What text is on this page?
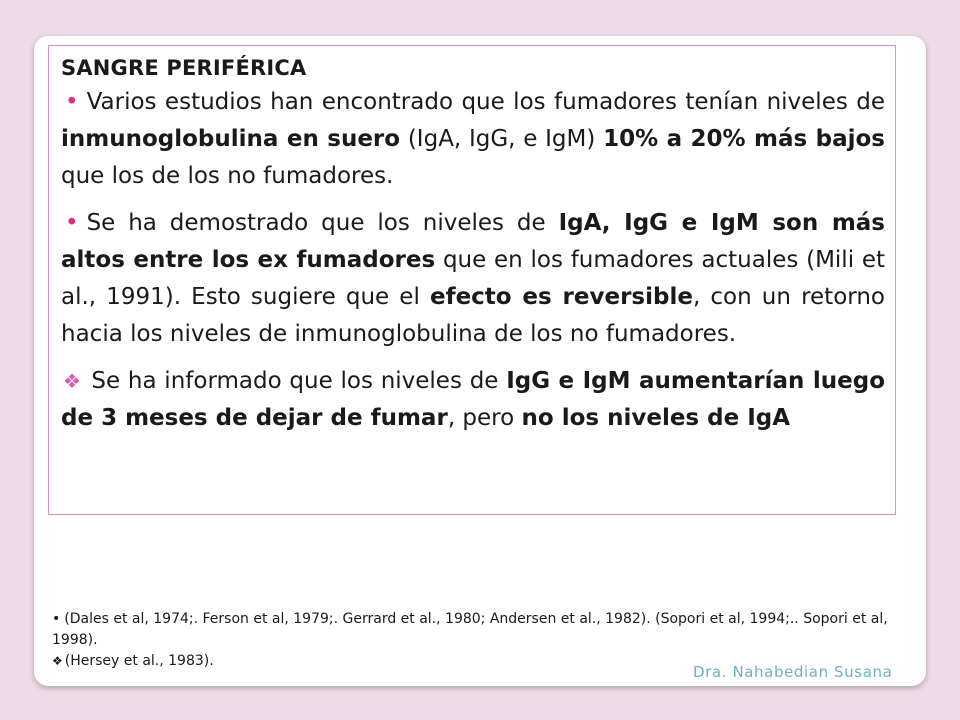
SANGRE PERIFÉRICA

• Varios estudios han encontrado que los fumadores tenían niveles de inmunoglobulina en suero (IgA, IgG, e IgM) 10% a 20% más bajos que los de los no fumadores.

• Se ha demostrado que los niveles de IgA, IgG e IgM son más altos entre los ex fumadores que en los fumadores actuales (Mili et al., 1991). Esto sugiere que el efecto es reversible, con un retorno hacia los niveles de inmunoglobulina de los no fumadores.

❖ Se ha informado que los niveles de IgG e IgM aumentarían luego de 3 meses de dejar de fumar, pero no los niveles de IgA

• (Dales et al, 1974;. Ferson et al, 1979;. Gerrard et al., 1980; Andersen et al., 1982). (Sopori et al, 1994;.. Sopori et al, 1998).
❖ (Hersey et al., 1983).
Dra. Nahabedian Susana
